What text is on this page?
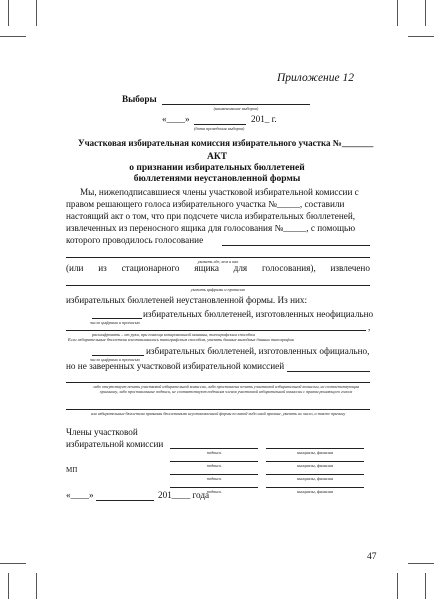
Приложение 12
Выборы
(наименование выборов)
«____»	201_ г.
(дата проведения выборов)
Участковая избирательная комиссия избирательного участка №_______
АКТ
о признании избирательных бюллетеней
бюллетенями неустановленной формы
Мы, нижеподписавшиеся члены участковой избирательной комиссии с
правом решающего голоса избирательного участка №_____, составили
настоящий акт о том, что при подсчете числа избирательных бюллетеней,
извлеченных из переносного ящика для голосования №_____, с помощью
которого проводилось голосование
указать где, кем и как
(или из стационарного ящика для голосования), извлечено
указать цифрами и прописью
избирательных бюллетеней неустановленной формы. Из них:
избирательных бюллетеней, изготовленных неофициально
число цифрами и прописью	,
расшифровать – от руки, при помощи копировальной машины, типографским способом
Если избирательные бюллетени изготавливались типографским способом, указать данные выходных данных типографии
избирательных бюллетеней, изготовленных официально,
число цифрами и прописью
но не заверенных участковой избирательной комиссией
либо отсутствует печать участковой избирательной комиссии, либо проставлена печать участковой избирательной комиссии, не соответствующая оригиналу, либо проставленные подписи, не соответствуют подписям членов участковой избирательной комиссии с правом решающего голоса
или избирательные бюллетени признаны бюллетенями неустановленной формы по какой-либо иной причине, указать их число, а также причину
Члены участковой
избирательной комиссии
подпись	инициалы, фамилия
подпись	инициалы, фамилия
МП
подпись	инициалы, фамилия
подпись	инициалы, фамилия
«____»	201____ года
47
